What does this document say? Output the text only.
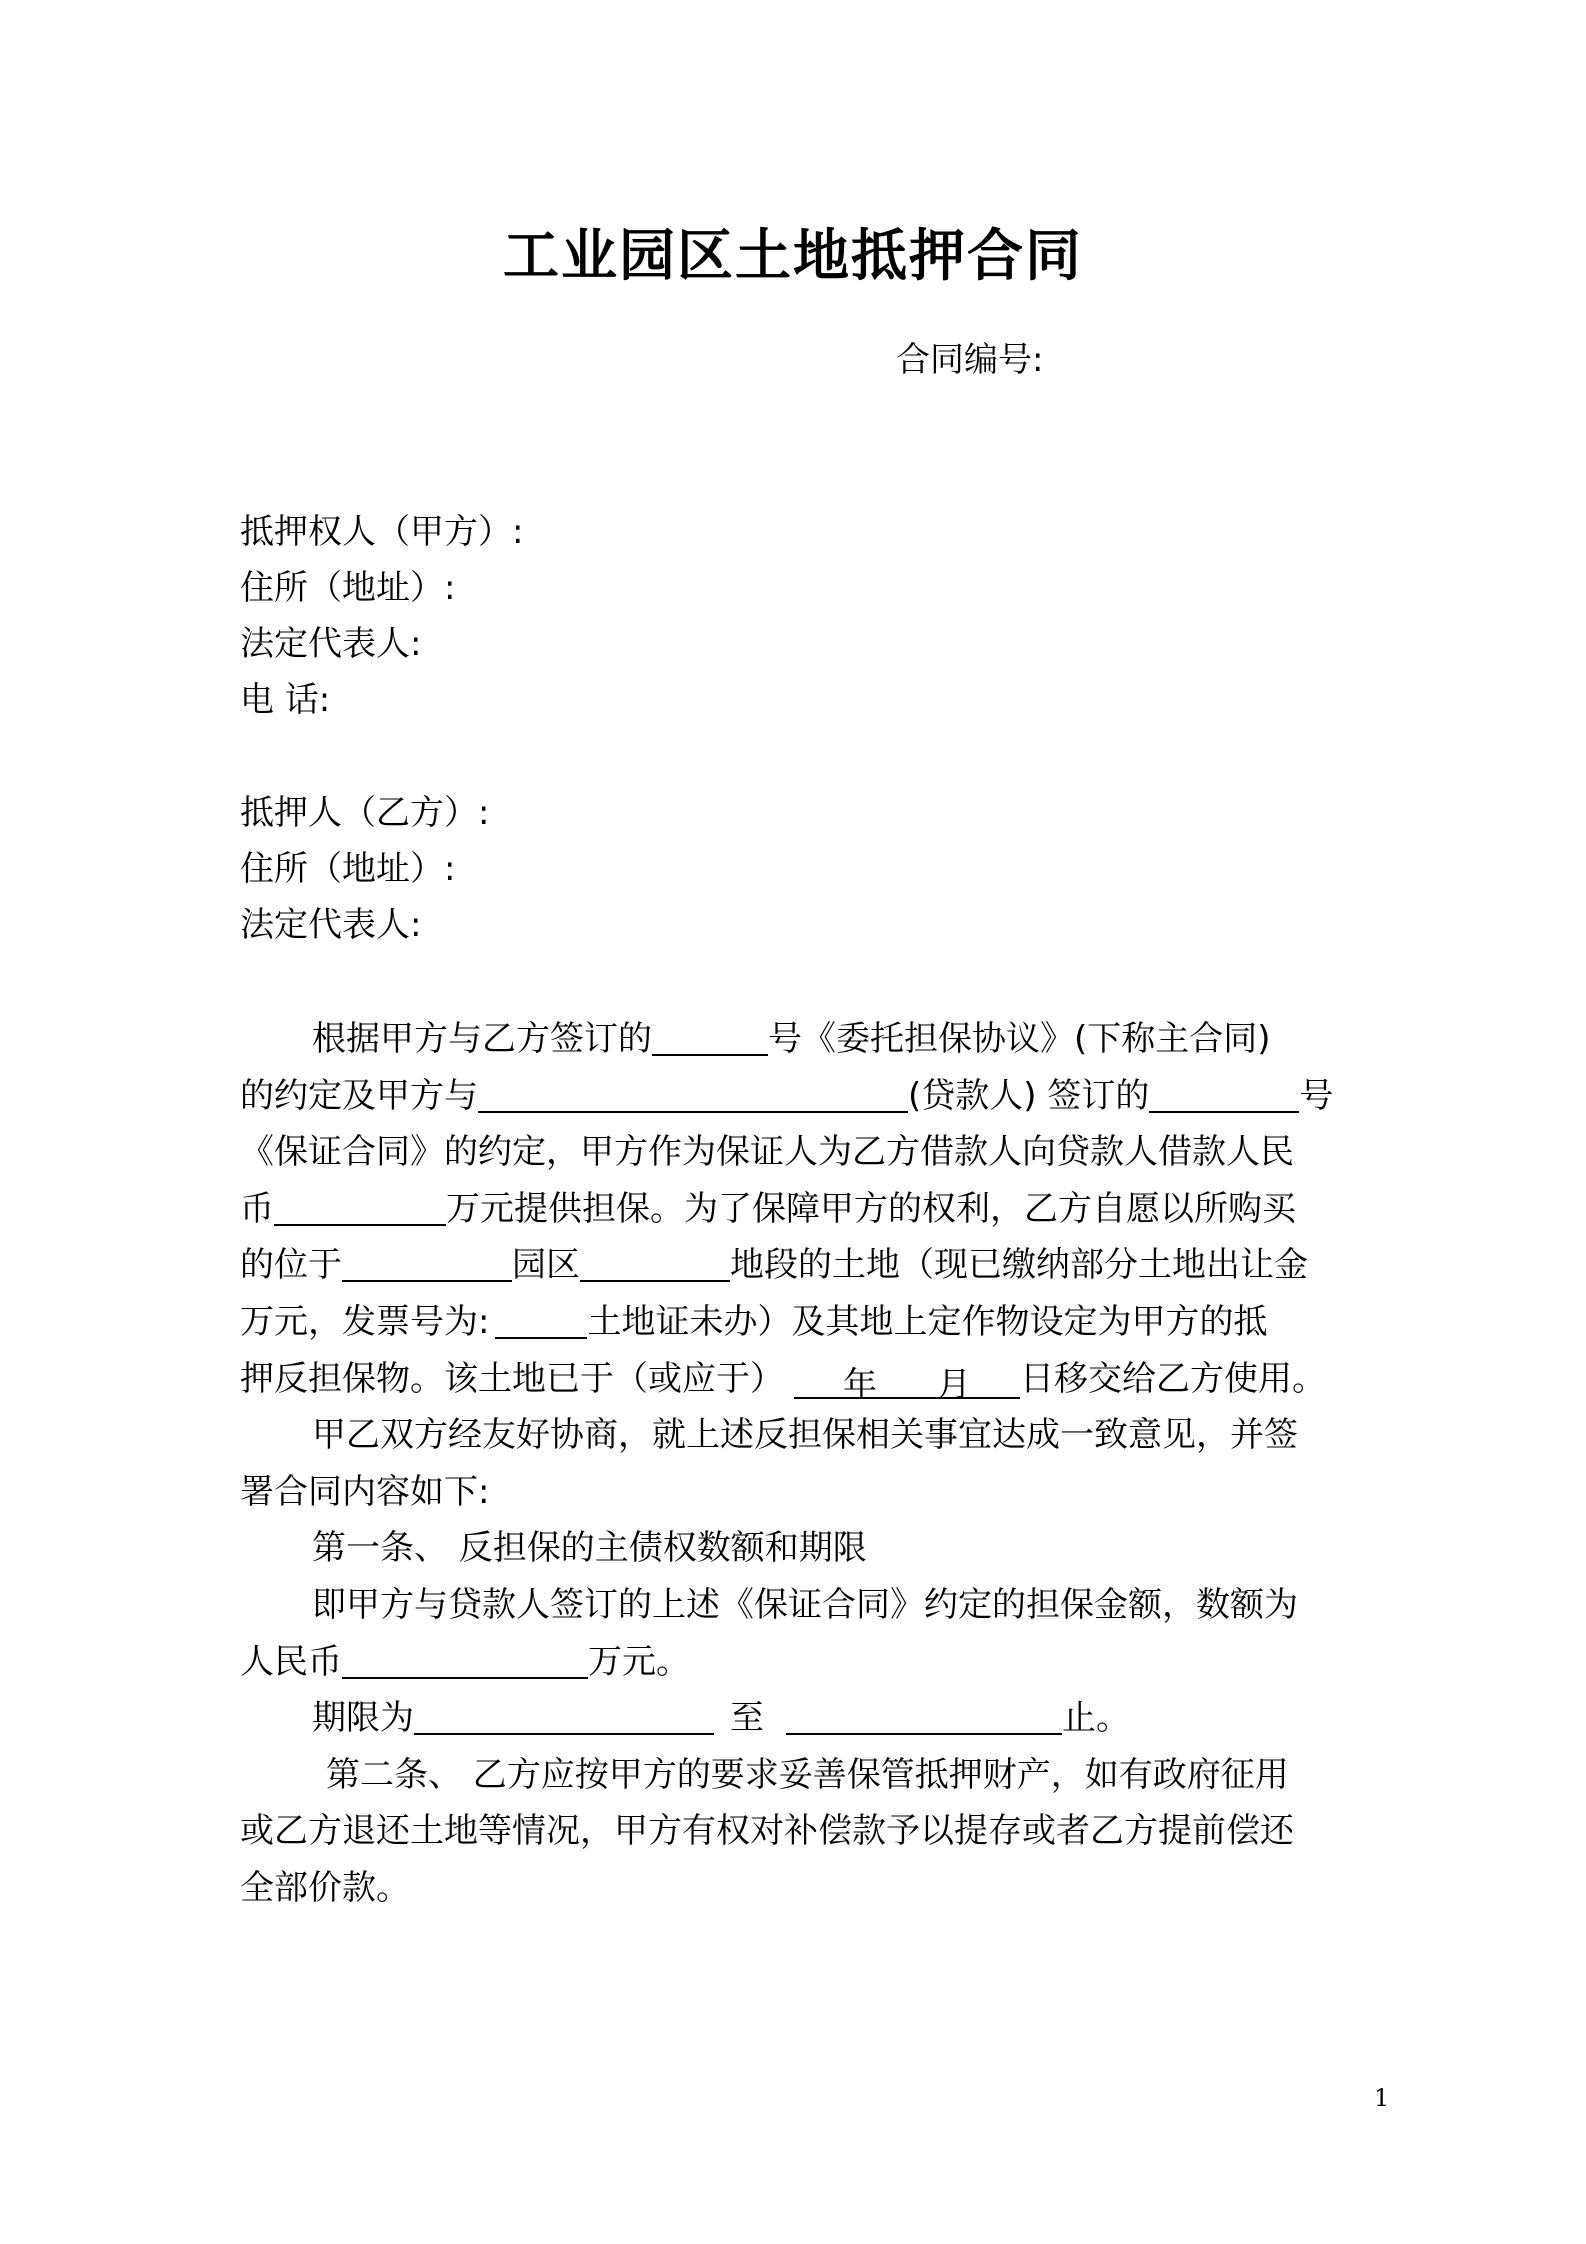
工业园区土地抵押合同
合同编号:
抵押权人（甲方）:
住所（地址）:
法定代表人:
电 话:
抵押人（乙方）:
住所（地址）:
法定代表人:
根据甲方与乙方签订的	号《委托担保协议》(下称主合同)
的约定及甲方与	(贷款人) 签订的	号
《保证合同》的约定，甲方作为保证人为乙方借款人向贷款人借款人民
币	万元提供担保。为了保障甲方的权利，乙方自愿以所购买
的位于	园区	地段的土地（现已缴纳部分土地出让金
万元，发票号为:	土地证未办）及其地上定作物设定为甲方的抵
押反担保物。该土地已于（或应于） 年 月 日移交给乙方使用。
甲乙双方经友好协商，就上述反担保相关事宜达成一致意见，并签
署合同内容如下:
第一条、 反担保的主债权数额和期限
即甲方与贷款人签订的上述《保证合同》约定的担保金额，数额为
人民币	万元。
期限为	至	止。
第二条、 乙方应按甲方的要求妥善保管抵押财产，如有政府征用
或乙方退还土地等情况，甲方有权对补偿款予以提存或者乙方提前偿还
全部价款。
1
